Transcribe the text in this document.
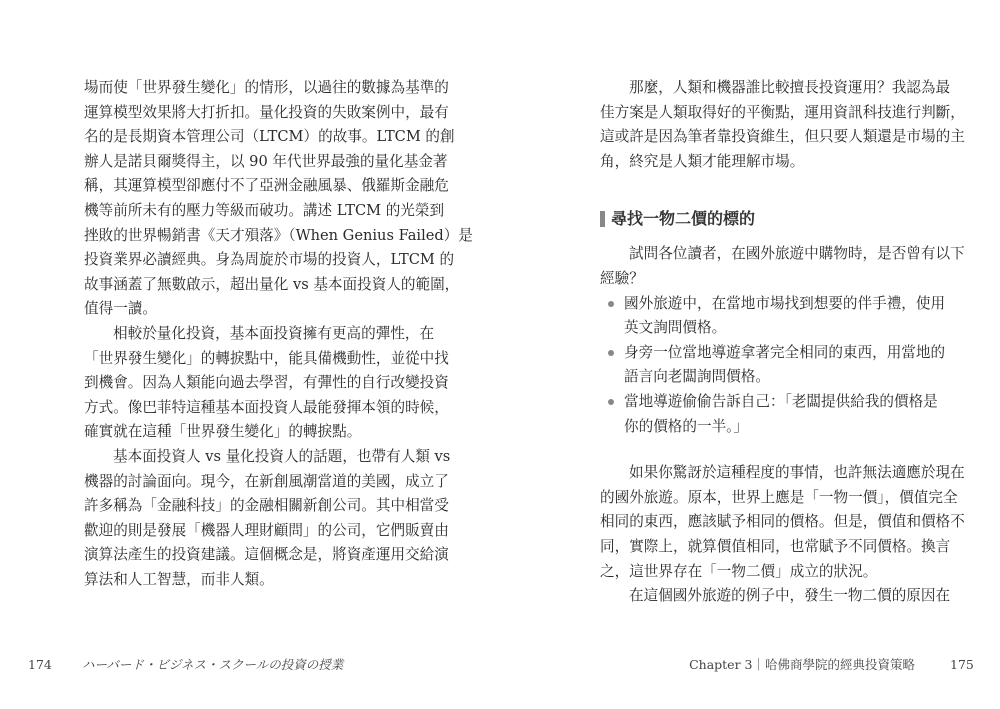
場而使「世界發生變化」的情形，以過往的數據為基準的
運算模型效果將大打折扣。量化投資的失敗案例中，最有
名的是長期資本管理公司（LTCM）的故事。LTCM 的創
辦人是諾貝爾獎得主，以 90 年代世界最強的量化基金著
稱，其運算模型卻應付不了亞洲金融風暴、俄羅斯金融危
機等前所未有的壓力等級而破功。講述 LTCM 的光榮到
挫敗的世界暢銷書《天才殞落》（When Genius Failed）是
投資業界必讀經典。身為周旋於市場的投資人，LTCM 的
故事涵蓋了無數啟示，超出量化 vs 基本面投資人的範圍，
值得一讀。
相較於量化投資，基本面投資擁有更高的彈性，在
「世界發生變化」的轉捩點中，能具備機動性，並從中找
到機會。因為人類能向過去學習，有彈性的自行改變投資
方式。像巴菲特這種基本面投資人最能發揮本領的時候，
確實就在這種「世界發生變化」的轉捩點。
基本面投資人 vs 量化投資人的話題，也帶有人類 vs
機器的討論面向。現今，在新創風潮當道的美國，成立了
許多稱為「金融科技」的金融相關新創公司。其中相當受
歡迎的則是發展「機器人理財顧問」的公司，它們販賣由
演算法產生的投資建議。這個概念是，將資產運用交給演
算法和人工智慧，而非人類。
那麼，人類和機器誰比較擅長投資運用？我認為最
佳方案是人類取得好的平衡點，運用資訊科技進行判斷，
這或許是因為筆者靠投資維生，但只要人類還是市場的主
角，終究是人類才能理解市場。
尋找一物二價的標的
試問各位讀者，在國外旅遊中購物時，是否曾有以下
經驗？
國外旅遊中，在當地市場找到想要的伴手禮，使用
英文詢問價格。
身旁一位當地導遊拿著完全相同的東西，用當地的
語言向老闆詢問價格。
當地導遊偷偷告訴自己：「老闆提供給我的價格是
你的價格的一半。」
如果你驚訝於這種程度的事情，也許無法適應於現在
的國外旅遊。原本，世界上應是「一物一價」，價值完全
相同的東西，應該賦予相同的價格。但是，價值和價格不
同，實際上，就算價值相同，也常賦予不同價格。換言
之，這世界存在「一物二價」成立的狀況。
在這個國外旅遊的例子中，發生一物二價的原因在
174 ハーバード・ビジネス・スクールの投資の授業	Chapter 3｜哈佛商學院的經典投資策略	175
